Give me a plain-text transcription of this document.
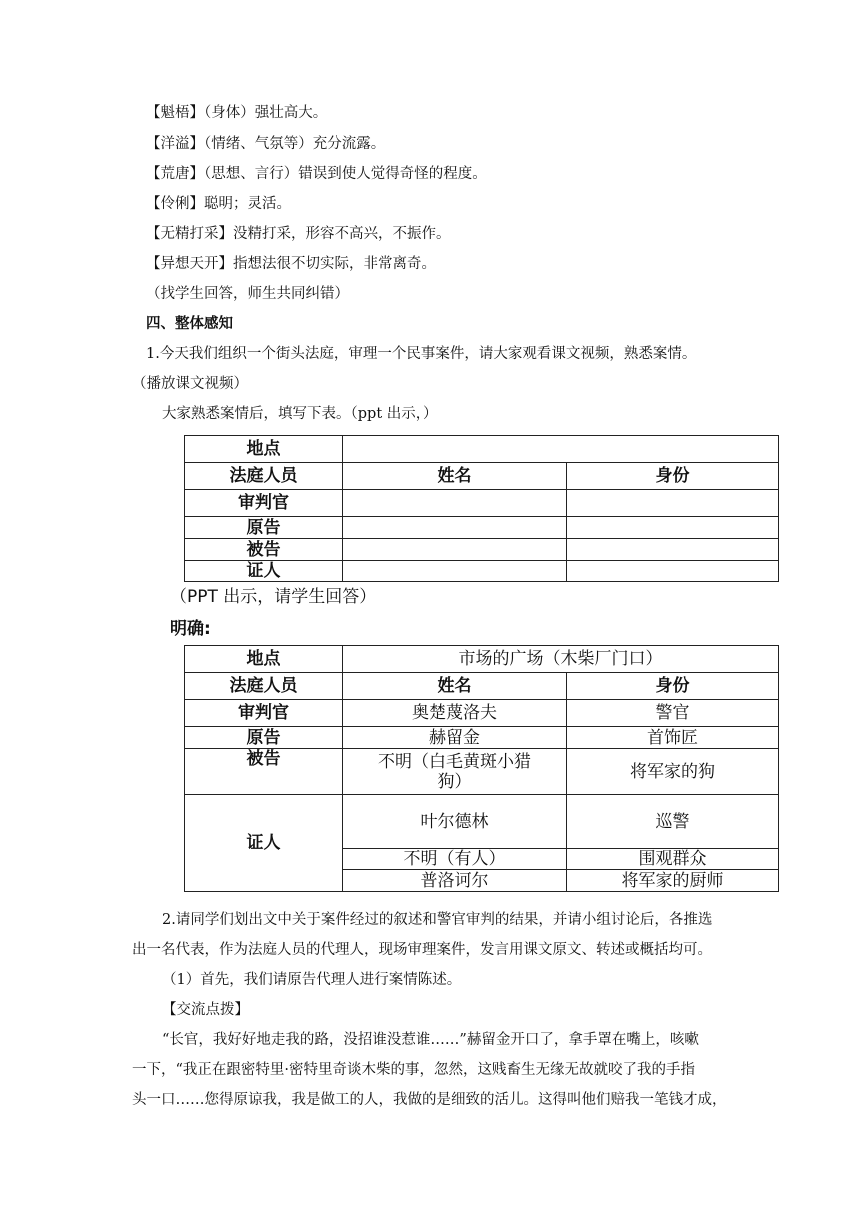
【魁梧】（身体）强壮高大。
【洋溢】（情绪、气氛等）充分流露。
【荒唐】（思想、言行）错误到使人觉得奇怪的程度。
【伶俐】聪明；灵活。
【无精打采】没精打采，形容不高兴，不振作。
【异想天开】指想法很不切实际，非常离奇。
（找学生回答，师生共同纠错）
四、整体感知
1.今天我们组织一个街头法庭，审理一个民事案件，请大家观看课文视频，熟悉案情。
（播放课文视频）
大家熟悉案情后，填写下表。（ppt 出示，）
地点		
法庭人员	姓名	身份
审判官		
原告		
被告		
证人		
（PPT 出示，请学生回答）
明确:
地点	市场的广场（木柴厂门口）	
法庭人员	姓名	身份
审判官	奥楚蔑洛夫	警官
原告	赫留金	首饰匠
被告	不明（白毛黄斑小猎狗）	将军家的狗
证人	叶尔德林	巡警
	不明（有人）	围观群众
	普洛诃尔	将军家的厨师
2.请同学们划出文中关于案件经过的叙述和警官审判的结果，并请小组讨论后，各推选
出一名代表，作为法庭人员的代理人，现场审理案件，发言用课文原文、转述或概括均可。
（1）首先，我们请原告代理人进行案情陈述。
【交流点拨】
“长官，我好好地走我的路，没招谁没惹谁……”赫留金开口了，拿手罩在嘴上，咳嗽
一下，“我正在跟密特里·密特里奇谈木柴的事，忽然，这贱畜生无缘无故就咬了我的手指
头一口……您得原谅我，我是做工的人，我做的是细致的活儿。这得叫他们赔我一笔钱才成，
